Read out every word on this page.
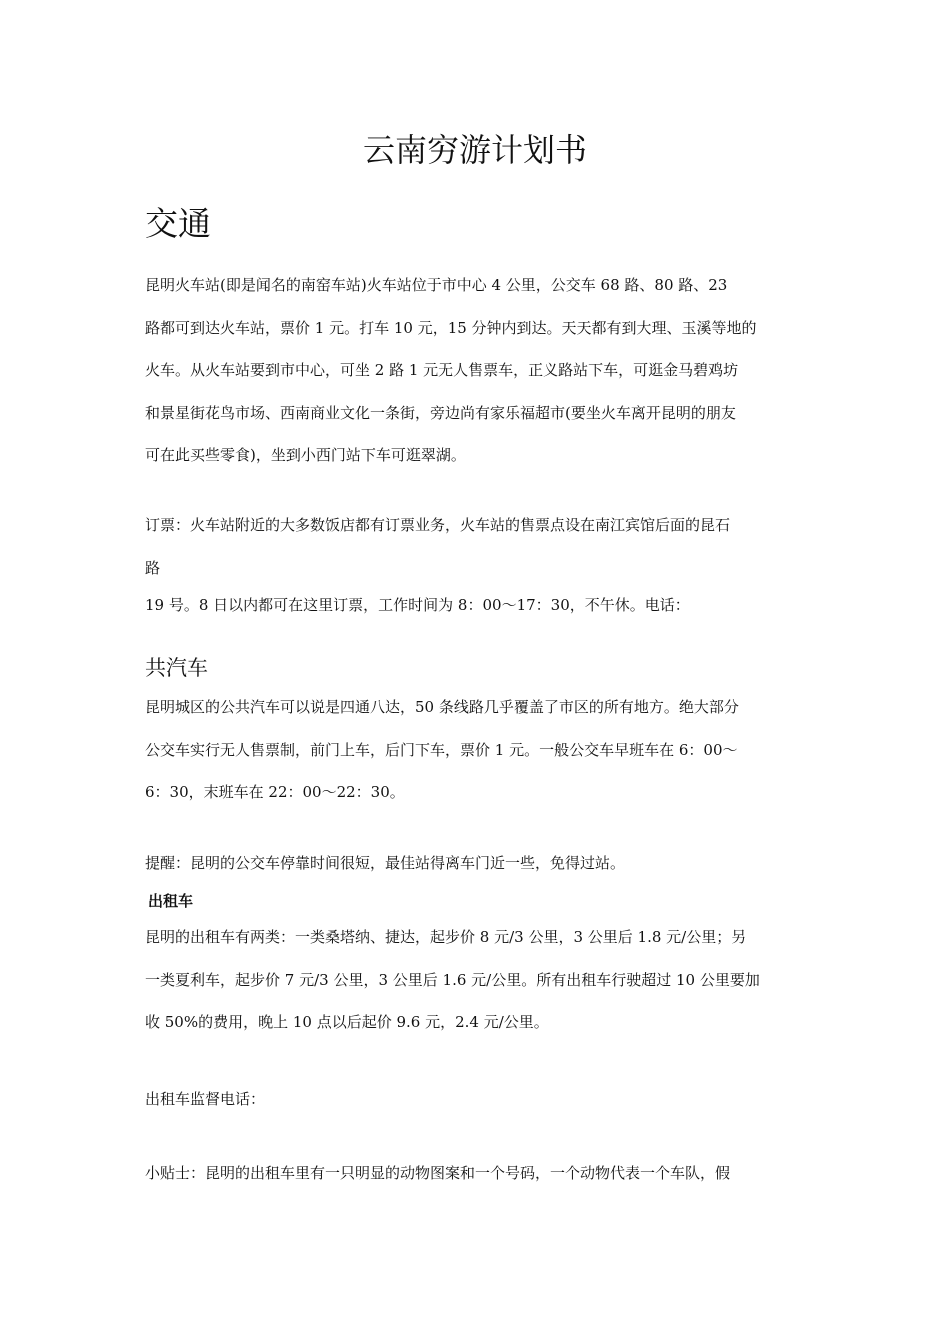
云南穷游计划书
交通
昆明火车站(即是闻名的南窑车站)火车站位于市中心 4 公里，公交车 68 路、80 路、23
路都可到达火车站，票价 1 元。打车 10 元，15 分钟内到达。天天都有到大理、玉溪等地的
火车。从火车站要到市中心，可坐 2 路 1 元无人售票车，正义路站下车，可逛金马碧鸡坊
和景星街花鸟市场、西南商业文化一条街，旁边尚有家乐福超市(要坐火车离开昆明的朋友
可在此买些零食)，坐到小西门站下车可逛翠湖。
订票：火车站附近的大多数饭店都有订票业务，火车站的售票点设在南江宾馆后面的昆石
路
19 号。8 日以内都可在这里订票，工作时间为 8：00～17：30，不午休。电话：
共汽车
昆明城区的公共汽车可以说是四通八达，50 条线路几乎覆盖了市区的所有地方。绝大部分
公交车实行无人售票制，前门上车，后门下车，票价 1 元。一般公交车早班车在 6：00～
6：30，末班车在 22：00～22：30。
提醒：昆明的公交车停靠时间很短，最佳站得离车门近一些，免得过站。
出租车
昆明的出租车有两类：一类桑塔纳、捷达，起步价 8 元/3 公里，3 公里后 1.8 元/公里；另
一类夏利车，起步价 7 元/3 公里，3 公里后 1.6 元/公里。所有出租车行驶超过 10 公里要加
收 50%的费用，晚上 10 点以后起价 9.6 元，2.4 元/公里。
出租车监督电话：
小贴士：昆明的出租车里有一只明显的动物图案和一个号码，一个动物代表一个车队，假
